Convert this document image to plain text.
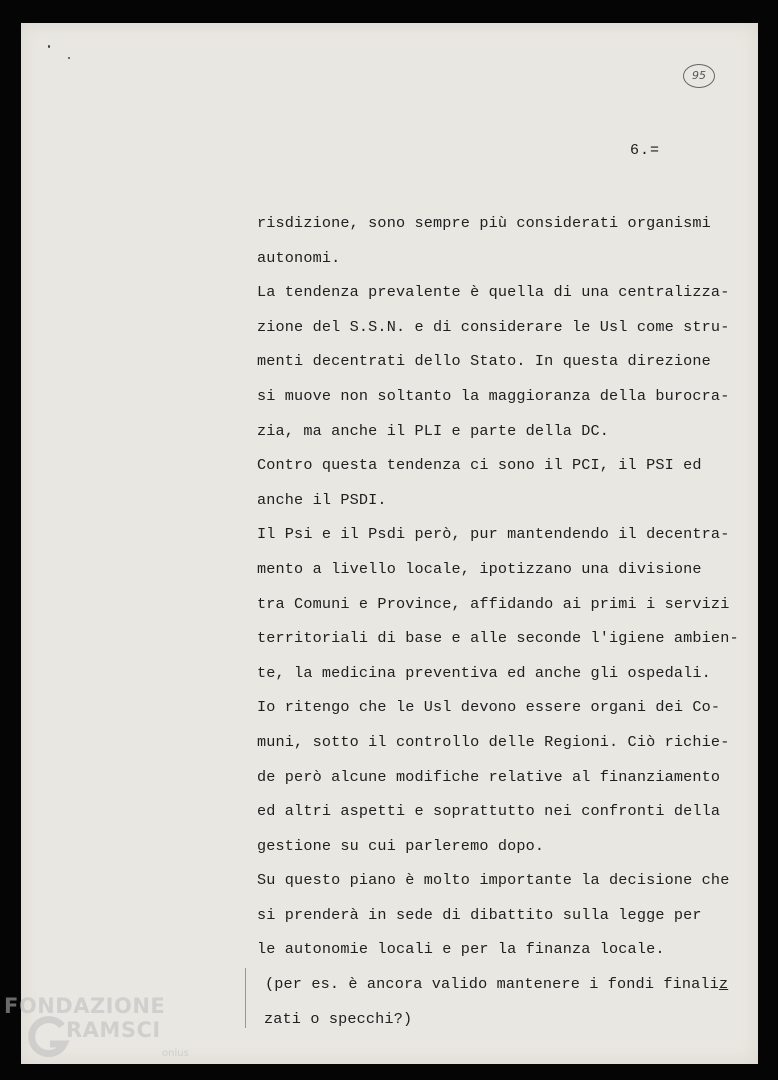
95
6.=
risdizione, sono sempre più considerati organismi
autonomi.
La tendenza prevalente è quella di una centralizza-
zione del S.S.N. e di considerare le Usl come stru-
menti decentrati dello Stato. In questa direzione
si muove non soltanto la maggioranza della burocra-
zia, ma anche il PLI e parte della DC.
Contro questa tendenza ci sono il PCI, il PSI ed
anche il PSDI.
Il Psi e il Psdi però, pur mantendendo il decentra-
mento a livello locale, ipotizzano una divisione
tra Comuni e Province, affidando ai primi i servizi
territoriali di base e alle seconde l'igiene ambien-
te, la medicina preventiva ed anche gli ospedali.
Io ritengo che le Usl devono essere organi dei Co-
muni, sotto il controllo delle Regioni. Ciò richie-
de però alcune modifiche relative al finanziamento
ed altri aspetti e soprattutto nei confronti della
gestione su cui parleremo dopo.
Su questo piano è molto importante la decisione che
si prenderà in sede di dibattito sulla legge per
le autonomie locali e per la finanza locale.
(per es. è ancora valido mantenere i fondi finaliz
zati o specchi?)
FONDAZIONE
RAMSCI
onlus
